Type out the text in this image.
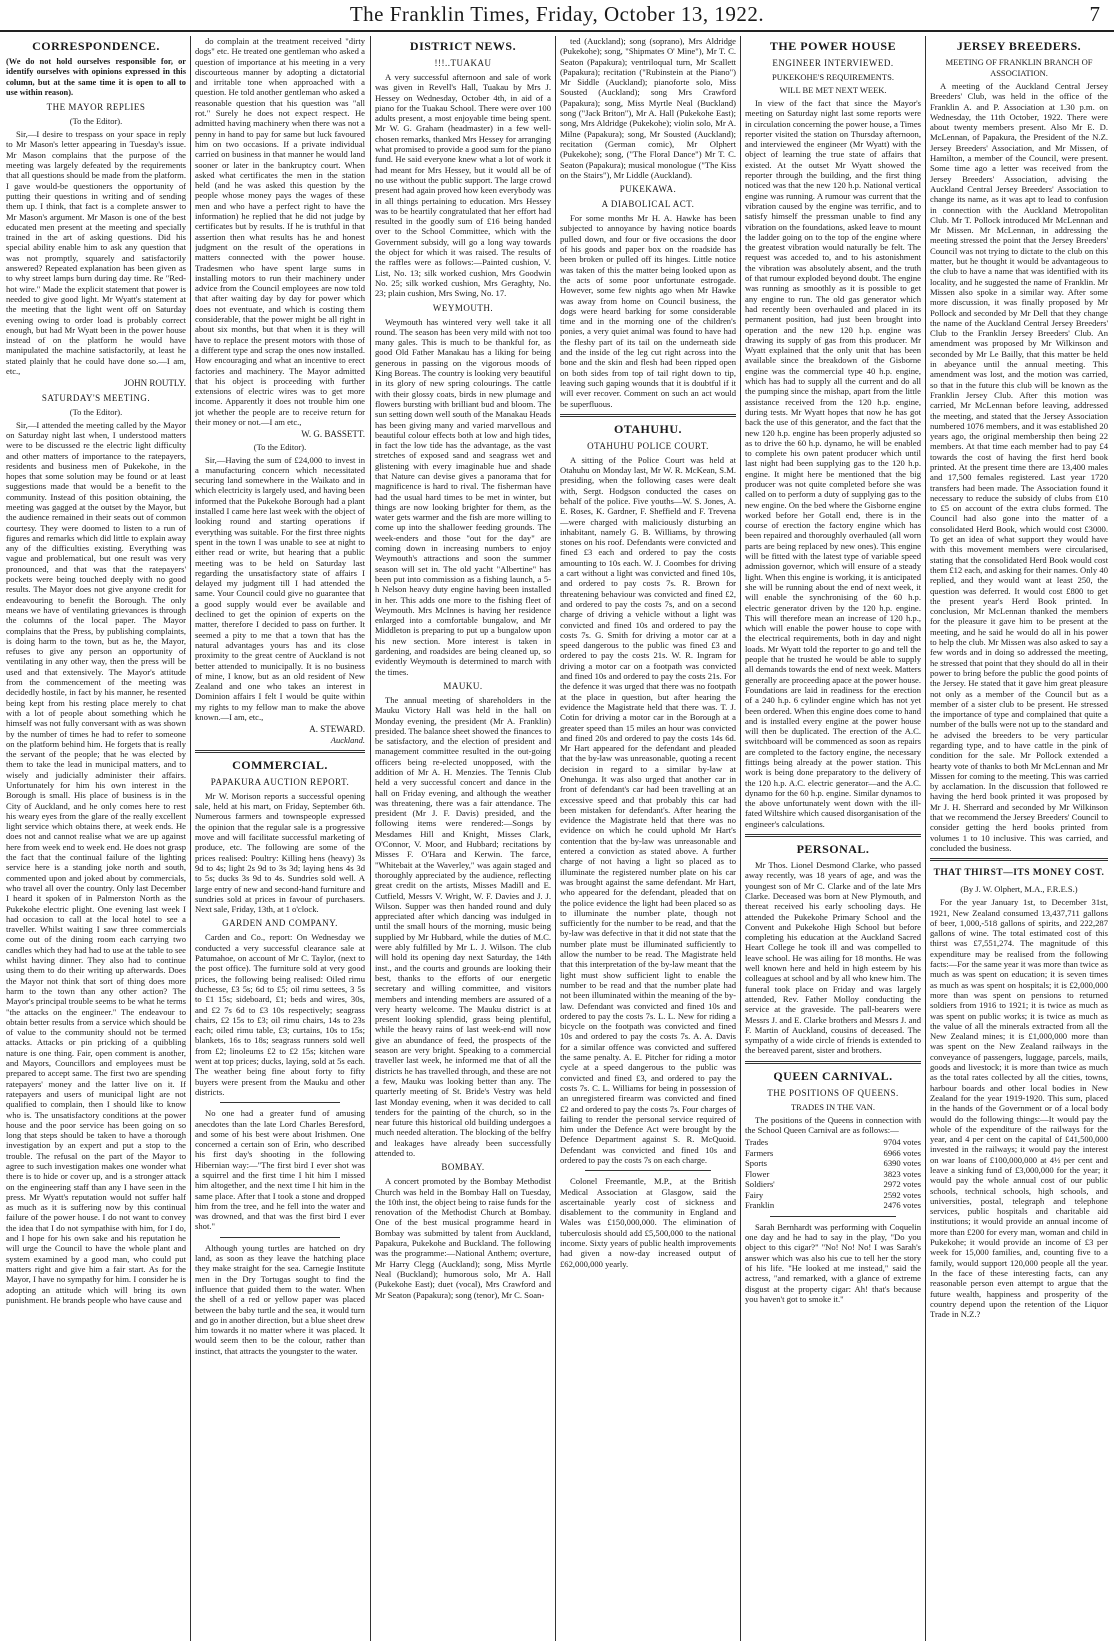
The Franklin Times, Friday, October 13, 1922.	7
CORRESPONDENCE.

(We do not hold ourselves responsible for, or identify ourselves with opinions expressed in this column, but at the same time it is open to all to use within reason).

THE MAYOR REPLIES
(To the Editor).

Sir,—I desire to trespass on your space in reply to Mr Mason's letter appearing in Tuesday's issue. Mr Mason complains that the purpose of the meeting was largely defeated by the requirements that all questions should be made from the platform. I gave would-be questioners the opportunity of putting their questions in writing and of sending them up. I think, that fact is a complete answer to Mr Mason's argument. Mr Mason is one of the best educated men present at the meeting and specially trained in the art of asking questions. Did his special ability enable him to ask any question that was not promptly, squarely and satisfactorily answered? Repeated explanation has been given as to why street lamps burn during day time. Re "Red-hot wire." Made the explicit statement that power is needed to give good light. Mr Wyatt's statement at the meeting that the light went off on Saturday evening owing to order load is probably correct enough, but had Mr Wyatt been in the power house instead of on the platform he would have manipulated the machine satisfactorily, at least he stated plainly that he could have done so.—I am, etc.,

JOHN ROUTLY.
SATURDAY'S MEETING.
(To the Editor).

Sir,—I attended the meeting called by the Mayor on Saturday night last when, I understood matters were to be discussed re the electric light difficulty and other matters of importance to the ratepayers, residents and business men of Pukekohe, in the hopes that some solution may be found or at least suggestions made that would be a benefit to the community. Instead of this position obtaining, the meeting was gagged at the outset by the Mayor, but the audience remained in their seats out of common courtesy. They were doomed to listen to a run of figures and remarks which did little to explain away any of the difficulties existing. Everything was vague and problematical, but one result was very pronounced, and that was that the ratepayers' pockets were being touched deeply with no good results. The Mayor does not give anyone credit for endeavouring to benefit the Borough. The only means we have of ventilating grievances is through the columns of the local paper. The Mayor complains that the Press, by publishing complaints, is doing harm to the town, but as he, the Mayor, refuses to give any person an opportunity of ventilating in any other way, then the press will be used and that extensively. The Mayor's attitude from the commencement of the meeting was decidedly hostile, in fact by his manner, he resented being kept from his resting place merely to chat with a lot of people about something which he himself was not fully conversant with as was shown by the number of times he had to refer to someone on the platform behind him. He forgets that is really the servant of the people; that he was elected by them to take the lead in municipal matters, and to wisely and judicially administer their affairs. Unfortunately for him his own interest in the Borough is small. His place of business is in the City of Auckland, and he only comes here to rest his weary eyes from the glare of the really excellent light service which obtains there, at week ends. He does not and cannot realise what we are up against here from week end to week end. He does not grasp the fact that the continual failure of the lighting service here is a standing joke north and south, commented upon and joked about by commercials, who travel all over the country. Only last December I heard it spoken of in Palmerston North as the Pukekohe electric plight. One evening last week I had occasion to call at the local hotel to see a traveller. Whilst waiting I saw three commercials come out of the dining room each carrying two candles which they had had to use at the table to see whilst having dinner. They also had to continue using them to do their writing up afterwards. Does the Mayor not think that sort of thing does more harm to the town than any other action? The Mayor's principal trouble seems to be what he terms "the attacks on the engineer." The endeavour to obtain better results from a service which should be of value to the community should not be termed attacks. Attacks or pin pricking of a quibbling nature is one thing. Fair, open comment is another, and Mayors, Councillors and employees must be prepared to accept same. The first two are spending ratepayers' money and the latter live on it. If ratepayers and users of municipal light are not qualified to complain, then I should like to know who is. The unsatisfactory conditions at the power house and the poor service has been going on so long that steps should be taken to have a thorough investigation by an expert and put a stop to the trouble. The refusal on the part of the Mayor to agree to such investigation makes one wonder what there is to hide or cover up, and is a stronger attack on the engineering staff than any I have seen in the press. Mr Wyatt's reputation would not suffer half as much as it is suffering now by this continual failure of the power house. I do not want to convey the idea that I do not sympathise with him, for I do, and I hope for his own sake and his reputation he will urge the Council to have the whole plant and system examined by a good man, who could put matters right and give him a fair start. As for the Mayor, I have no sympathy for him. I consider he is adopting an attitude which will bring its own punishment. He brands people who have cause and

do complain at the treatment received "dirty dogs" etc. He treated one gentleman who asked a question of importance at his meeting in a very discourteous manner by adopting a dictatorial and irritable tone when approached with a question. He told another gentleman who asked a reasonable question that his question was "all rot." Surely he does not expect respect. He admitted having machinery when there was not a penny in hand to pay for same but luck favoured him on two occasions. If a private individual carried on business in that manner he would land sooner or later in the bankruptcy court. When asked what certificates the men in the station held (and he was asked this question by the people whose money pays the wages of these men and who have a perfect right to have the information) he replied that he did not judge by certificates but by results. If he is truthful in that assertion then what results has he and honest judgment on the result of the operations in matters connected with the power house. Tradesmen who have spent large sums in installing motors to run their machinery under advice from the Council employees are now told that after waiting day by day for power which does not eventuate, and which is costing them considerable, that the power might be all right in about six months, but that when it is they will have to replace the present motors with those of a different type and scrap the ones now installed. How encouraging and what an incentive to erect factories and machinery. The Mayor admitted that his object is proceeding with further extensions of electric wires was to get more income. Apparently it does not trouble him one jot whether the people are to receive return for their money or not.—I am etc.,

W. G. BASSETT.
(To the Editor).

Sir,—Having the sum of £24,000 to invest in a manufacturing concern which necessitated securing land somewhere in the Waikato and in which electricity is largely used, and having been informed that the Pukekohe Borough had a plant installed I came here last week with the object of looking round and starting operations if everything was suitable. For the first three nights spent in the town I was unable to see at night to either read or write, but hearing that a public meeting was to be held on Saturday last regarding the unsatisfactory state of affairs I delayed my judgment till I had attended the same. Your Council could give no guarantee that a good supply would ever be available and declined to get the opinion of experts on the matter, therefore I decided to pass on further. It seemed a pity to me that a town that has the natural advantages yours has and its close proximity to the great centre of Auckland is not better attended to municipally. It is no business of mine, I know, but as an old resident of New Zealand and one who takes an interest in Dominion affairs I felt I would be quite within my rights to my fellow man to make the above known.—I am, etc.,

A. STEWARD.
Auckland.
COMMERCIAL.
PAPAKURA AUCTION REPORT.

Mr W. Morison reports a successful opening sale, held at his mart, on Friday, September 6th. Numerous farmers and townspeople expressed the opinion that the regular sale is a progressive move and will facilitate successful marketing of produce, etc. The following are some of the prices realised: Poultry: Killing hens (heavy) 3s 9d to 4s; light 2s 9d to 3s 3d; laying hens 4s 3d to 5s; ducks 3s 9d to 4s. Sundries sold well. A large entry of new and second-hand furniture and sundries sold at prices in favour of purchasers. Next sale, Friday, 13th, at 1 o'clock.

GARDEN AND COMPANY.

Carden and Co., report: On Wednesday we conducted a very successful clearance sale at Patumahoe, on account of Mr C. Taylor, (next to the post office). The furniture sold at very good prices, the following being realised: Oiled rimu duchesse, £3 5s; 6d to £5; oil rimu settees, 3 5s to £1 15s; sideboard, £1; beds and wires, 30s, and £2 7s 6d to £3 10s respectively; seagrass chairs, £2 15s to £3; oil rimu chairs, 14s to 23s each; oiled rimu table, £3; curtains, 10s to 15s; blankets, 16s to 18s; seagrass runners sold well from £2; linoleums £2 to £2 15s; kitchen ware went at top prices; ducks, laying, sold at 5s each. The weather being fine about forty to fifty buyers were present from the Mauku and other districts.

No one had a greater fund of amusing anecdotes than the late Lord Charles Beresford, and some of his best were about Irishmen. One concerned a certain son of Erin, who described his first day's shooting in the following Hibernian way:—"The first bird I ever shot was a squirrel and the first time I hit him I missed him altogether, and the next time I hit him in the same place. After that I took a stone and dropped him from the tree, and he fell into the water and was drowned, and that was the first bird I ever shot."

Although young turtles are hatched on dry land, as soon as they leave the hatching place they make straight for the sea. Carnegie Institute men in the Dry Tortugas sought to find the influence that guided them to the water. When the shell of a red or yellow paper was placed between the baby turtle and the sea, it would turn and go in another direction, but a blue sheet drew him towards it no matter where it was placed. It would seem then to be the colour, rather than instinct, that attracts the youngster to the water.

DISTRICT NEWS.
!!!..TUAKAU

A very successful afternoon and sale of work was given in Revell's Hall, Tuakau by Mrs J. Hessey on Wednesday, October 4th, in aid of a piano for the Tuakau School. There were over 100 adults present, a most enjoyable time being spent. Mr W. G. Graham (headmaster) in a few well-chosen remarks, thanked Mrs Hessey for arranging what promised to provide a good sum for the piano fund. He said everyone knew what a lot of work it had meant for Mrs Hessey, but it would all be of no use without the public support. The large crowd present had again proved how keen everybody was in all things pertaining to education. Mrs Hessey was to be heartily congratulated that her effort had resulted in the goodly sum of £16 being handed over to the School Committee, which with the Government subsidy, will go a long way towards the object for which it was raised. The results of the raffles were as follows:—Painted cushion, V. List, No. 13; silk worked cushion, Mrs Goodwin No. 25; silk worked cushion, Mrs Geraghty, No. 23; plain cushion, Mrs Swing, No. 17.

WEYMOUTH.

Weymouth has wintered very well take it all round. The season has been very mild with not too many gales. This is much to be thankful for, as good Old Father Manakau has a liking for being generous in passing on the vigorous moods of King Boreas. The country is looking very beautiful in its glory of new spring colourings. The cattle with their glossy coats, birds in new plumage and flowers bursting with brilliant bud and bloom. The sun setting down well south of the Manakau Heads has been giving many and varied marvellous and beautiful colour effects both at low and high tides, in fact the low tide has the advantage, as the vast stretches of exposed sand and seagrass wet and glistening with every imaginable hue and shade that Nature can devise gives a panorama that for magnificence is hard to rival. The fisherman have had the usual hard times to be met in winter, but things are now looking brighter for them, as the water gets warmer and the fish are more willing to come up into the shallower feeding grounds. The week-enders and those "out for the day" are coming down in increasing numbers to enjoy Weymouth's attractions and soon the summer season will set in. The old yacht "Albertine" has been put into commission as a fishing launch, a 5-h Nelson heavy duty engine having been installed in her. This adds one more to the fishing fleet of Weymouth. Mrs McInnes is having her residence enlarged into a comfortable bungalow, and Mr Middleton is preparing to put up a bungalow upon his new section. More interest is taken in gardening, and roadsides are being cleaned up, so evidently Weymouth is determined to march with the times.

MAUKU.

The annual meeting of shareholders in the Mauku Victory Hall was held in the hall on Monday evening, the president (Mr A. Franklin) presided. The balance sheet showed the finances to be satisfactory, and the election of president and management committee resulted in the out-going officers being re-elected unopposed, with the addition of Mr A. H. Menzies. The Tennis Club held a very successful concert and dance in the hall on Friday evening, and although the weather was threatening, there was a fair attendance. The president (Mr J. F. Davis) presided, and the following items were rendered:—Songs by Mesdames Hill and Knight, Misses Clark, O'Connor, V. Moor, and Hubbard; recitations by Misses F. O'Hara and Kerwin. The farce, "Whitebait at the Waverley," was again staged and thoroughly appreciated by the audience, reflecting great credit on the artists, Misses Madill and E. Cutfield, Messrs V. Wright, W. F. Davies and J. J. Wilson. Supper was then handed round and duly appreciated after which dancing was indulged in until the small hours of the morning, music being supplied by Mr Hubbard, while the duties of M.C. were ably fulfilled by Mr L. J. Wilson. The club will hold its opening day next Saturday, the 14th inst., and the courts and grounds are looking their best, thanks to the efforts of our energetic secretary and willing committee, and visitors members and intending members are assured of a very hearty welcome. The Mauku district is at present looking splendid, grass being plentiful, while the heavy rains of last week-end will now give an abundance of feed, the prospects of the season are very bright. Speaking to a commercial traveller last week, he informed me that of all the districts he has travelled through, and these are not a few, Mauku was looking better than any. The quarterly meeting of St. Bride's Vestry was held last Monday evening, when it was decided to call tenders for the painting of the church, so in the near future this historical old building undergoes a much needed alteration. The blocking of the belfry and leakages have already been successfully attended to.

BOMBAY.

A concert promoted by the Bombay Methodist Church was held in the Bombay Hall on Tuesday, the 10th inst, the object being to raise funds for the renovation of the Methodist Church at Bombay. One of the best musical programme heard in Bombay was submitted by talent from Auckland, Papakura, Pukekohe and Buckland. The following was the programme:—National Anthem; overture, Mr Harry Clegg (Auckland); song, Miss Myrtle Neal (Buckland); humorous solo, Mr A. Hall (Pukekohe East); duet (vocal), Mrs Crawford and Mr Seaton (Papakura); song (tenor), Mr C. Soan-

ted (Auckland); song (soprano), Mrs Aldridge (Pukekohe); song, "Shipmates O' Mine"), Mr T. C. Seaton (Papakura); ventriloqual turn, Mr Scallett (Papakura); recitation ("Rubinstein at the Piano") Mr Siddle (Auckland); pianoforte solo, Miss Sousted (Auckland); song Mrs Crawford (Papakura); song, Miss Myrtle Neal (Buckland) song ("Jack Briton"), Mr A. Hall (Pukekohe East); song, Mrs Aldridge (Pukekohe); violin solo, Mr A. Milne (Papakura); song, Mr Sousted (Auckland); recitation (German comic), Mr Olphert (Pukekohe); song, ("The Floral Dance") Mr T. C. Seaton (Papakura); musical monologue ("The Kiss on the Stairs"), Mr Liddle (Auckland).

PUKEKAWA.
A DIABOLICAL ACT.

For some months Mr H. A. Hawke has been subjected to annoyance by having notice boards pulled down, and four or five occasions the door of his goods and paper box on the roadside has been broken or pulled off its hinges. Little notice was taken of this the matter being looked upon as the acts of some poor unfortunate estrogade. However, some few nights ago when Mr Hawke was away from home on Council business, the dogs were heard barking for some considerable time and in the morning one of the children's ponies, a very quiet animal was found to have had the fleshy part of its tail on the underneath side and the inside of the leg cut right across into the bone and the skin and flesh had been ripped open on both sides from top of tail right down to tip, leaving such gaping wounds that it is doubtful if it will ever recover. Comment on such an act would be superfluous.

OTAHUHU.
OTAHUHU POLICE COURT.

A sitting of the Police Court was held at Otahuhu on Monday last, Mr W. R. McKean, S.M. presiding, when the following cases were dealt with, Sergt. Hodgson conducted the cases on behalf of the police. Five youths—W. S. Jones, A. E. Roses, K. Gardner, F. Sheffield and F. Trevena—were charged with maliciously disturbing an inhabitant, namely G. B. Williams, by throwing stones on his roof. Defendants were convicted and fined £3 each and ordered to pay the costs amounting to 10s each. W. J. Coombes for driving a cart without a light was convicted and fined 10s, and ordered to pay costs 7s. R. Brown for threatening behaviour was convicted and fined £2, and ordered to pay the costs 7s, and on a second charge of driving a vehicle without a light was convicted and fined 10s and ordered to pay the costs 7s. G. Smith for driving a motor car at a speed dangerous to the public was fined £3 and ordered to pay the costs 21s. W. R. Ingram for driving a motor car on a footpath was convicted and fined 10s and ordered to pay the costs 21s. For the defence it was urged that there was no footpath at the place in question, but after hearing the evidence the Magistrate held that there was. T. J. Cotin for driving a motor car in the Borough at a greater speed than 15 miles an hour was convicted and fined 20s and ordered to pay the costs 14s 6d. Mr Hart appeared for the defendant and pleaded that the by-law was unreasonable, quoting a recent decision in regard to a similar by-law at Onehunga. It was also urged that another car in front of defendant's car had been travelling at an excessive speed and that probably this car had been mistaken for defendant's. After hearing the evidence the Magistrate held that there was no evidence on which he could uphold Mr Hart's contention that the by-law was unreasonable and entered a conviction as stated above. A further charge of not having a light so placed as to illuminate the registered number plate on his car was brought against the same defendant. Mr Hart, who appeared for the defendant, pleaded that on the police evidence the light had been placed so as to illuminate the number plate, though not sufficiently for the number to be read, and that the by-law was defective in that it did not state that the number plate must be illuminated sufficiently to allow the number to be read. The Magistrate held that this interpretation of the by-law meant that the light must show sufficient light to enable the number to be read and that the number plate had not been illuminated within the meaning of the by-law. Defendant was convicted and fined 10s and ordered to pay the costs 7s. L. L. New for riding a bicycle on the footpath was convicted and fined 10s and ordered to pay the costs 7s. A. A. Davis for a similar offence was convicted and suffered the same penalty. A. E. Pitcher for riding a motor cycle at a speed dangerous to the public was convicted and fined £3, and ordered to pay the costs 7s. C. L. Williams for being in possession of an unregistered firearm was convicted and fined £2 and ordered to pay the costs 7s. Four charges of failing to render the personal service required of him under the Defence Act were brought by the Defence Department against S. R. McQuoid. Defendant was convicted and fined 10s and ordered to pay the costs 7s on each charge.

Colonel Freemantle, M.P., at the British Medical Association at Glasgow, said the ascertainable yearly cost of sickness and disablement to the community in England and Wales was £150,000,000. The elimination of tuberculosis should add £5,500,000 to the national income. Sixty years of public health improvements had given a now-day increased output of £62,000,000 yearly.

THE POWER HOUSE
ENGINEER INTERVIEWED.
PUKEKOHE'S REQUIREMENTS.
WILL BE MET NEXT WEEK.

In view of the fact that since the Mayor's meeting on Saturday night last some reports were in circulation concerning the power house, a Times reporter visited the station on Thursday afternoon, and interviewed the engineer (Mr Wyatt) with the object of learning the true state of affairs that existed. At the outset Mr Wyatt showed the reporter through the building, and the first thing noticed was that the new 120 h.p. National vertical engine was running. A rumour was current that the vibration caused by the engine was terrific, and to satisfy himself the pressman unable to find any vibration on the foundations, asked leave to mount the ladder going on to the top of the engine where the greatest vibration would naturally be felt. The request was acceded to, and to his astonishment the vibration was absolutely absent, and the truth of that rumour exploded beyond doubt. The engine was running as smoothly as it is possible to get any engine to run. The old gas generator which had recently been overhauled and placed in its permanent position, had just been brought into operation and the new 120 h.p. engine was drawing its supply of gas from this producer. Mr Wyatt explained that the only unit that has been available since the breakdown of the Gisborne engine was the commercial type 40 h.p. engine, which has had to supply all the current and do all the pumping since the mishap, apart from the little assistance received from the 120 h.p. engine, during tests. Mr Wyatt hopes that now he has got back the use of this generator, and the fact that the new 120 h.p. engine has been properly adjusted so as to drive the 60 h.p. dynamo, he will be enabled to complete his own patent producer which until last night had been supplying gas to the 120 h.p. engine. It might here be mentioned that the big producer was not quite completed before she was called on to perform a duty of supplying gas to the new engine. On the bed where the Gisborne engine worked before her Gotall end, there is in the course of erection the factory engine which has been repaired and thoroughly overhauled (all worn parts are being replaced by new ones). This engine will be fitted with the latest type of variable speed admission governor, which will ensure of a steady light. When this engine is working, it is anticipated she will be running about the end of next week, it will enable the synchronising of the 60 h.p. electric generator driven by the 120 h.p. engine. This will therefore mean an increase of 120 h.p., which will enable the power house to cope with the electrical requirements, both in day and night loads. Mr Wyatt told the reporter to go and tell the people that he trusted he would be able to supply all demands towards the end of next week. Matters generally are proceeding apace at the power house. Foundations are laid in readiness for the erection of a 240 h.p. 6 cylinder engine which has not yet been ordered. When this engine does come to hand and is installed every engine at the power house will then be duplicated. The erection of the A.C. switchboard will be commenced as soon as repairs are completed to the factory engine, the necessary fittings being already at the power station. This work is being done preparatory to the delivery of the 120 h.p. A.C. electric generator—and the A.C. dynamo for the 60 h.p. engine. Similar dynamos to the above unfortunately went down with the ill-fated Wiltshire which caused disorganisation of the engineer's calculations.

PERSONAL.

Mr Thos. Lionel Desmond Clarke, who passed away recently, was 18 years of age, and was the youngest son of Mr C. Clarke and of the late Mrs Clarke. Deceased was born at New Plymouth, and thereat received his early schooling days. He attended the Pukekohe Primary School and the Convent and Pukekohe High School but before completing his education at the Auckland Sacred Heart College he took ill and was compelled to leave school. He was ailing for 18 months. He was well known here and held in high esteem by his colleagues at school and by all who knew him. The funeral took place on Friday and was largely attended, Rev. Father Molloy conducting the service at the graveside. The pall-bearers were Messrs J. and E. Clarke brothers and Messrs J. and F. Martin of Auckland, cousins of deceased. The sympathy of a wide circle of friends is extended to the bereaved parent, sister and brothers.

QUEEN CARNIVAL.
THE POSITIONS OF QUEENS.
TRADES IN THE VAN.

The positions of the Queens in connection with the School Queen Carnival are as follows:—

Trades	9704 votes
Farmers	6966 votes
Sports	6390 votes
Flower	3823 votes
Soldiers'	2972 votes
Fairy	2592 votes
Franklin	2476 votes

Sarah Bernhardt was performing with Coquelin one day and he had to say in the play, "Do you object to this cigar?" "No! No! No! I was Sarah's answer which was also his cue to tell her the story of his life. "He looked at me instead," said the actress, "and remarked, with a glance of extreme disgust at the property cigar: Ah! that's because you haven't got to smoke it."

JERSEY BREEDERS.
MEETING OF FRANKLIN BRANCH OF ASSOCIATION.

A meeting of the Auckland Central Jersey Breeders' Club, was held in the office of the Franklin A. and P. Association at 1.30 p.m. on Wednesday, the 11th October, 1922. There were about twenty members present. Also Mr E. D. McLennan, of Papakura, the President of the N.Z. Jersey Breeders' Association, and Mr Missen, of Hamilton, a member of the Council, were present. Some time ago a letter was received from the Jersey Breeders' Association, advising the Auckland Central Jersey Breeders' Association to change its name, as it was apt to lead to confusion in connection with the Auckland Metropolitan Club. Mr T. Pollock introduced Mr McLennan and Mr Missen. Mr McLennan, in addressing the meeting stressed the point that the Jersey Breeders' Council was not trying to dictate to the club on this matter, but he thought it would be advantageous to the club to have a name that was identified with its locality, and he suggested the name of Franklin. Mr Missen also spoke in a similar way. After some more discussion, it was finally proposed by Mr Pollock and seconded by Mr Dell that they change the name of the Auckland Central Jersey Breeders' Club to the Franklin Jersey Breeders' Club. An amendment was proposed by Mr Wilkinson and seconded by Mr Le Bailly, that this matter be held in abeyance until the annual meeting. This amendment was lost, and the motion was carried, so that in the future this club will be known as the Franklin Jersey Club. After this motion was carried, Mr McLennan before leaving, addressed the meeting, and stated that the Jersey Association numbered 1076 members, and it was established 20 years ago, the original membership then being 22 members. At that time each member had to pay £4 towards the cost of having the first herd book printed. At the present time there are 13,400 males and 17,500 females registered. Last year 1720 transfers had been made. The Association found it necessary to reduce the subsidy of clubs from £10 to £5 on account of the extra clubs formed. The Council had also gone into the matter of a consolidated Herd Book, which would cost £3000. To get an idea of what support they would have with this movement members were circularised, stating that the consolidated Herd Book would cost them £12 each, and asking for their names. Only 40 replied, and they would want at least 250, the question was deferred. It would cost £800 to get the present year's Herd Book printed. In conclusion, Mr McLennan thanked the members for the pleasure it gave him to be present at the meeting, and he said he would do all in his power to help the club. Mr Missen was also asked to say a few words and in doing so addressed the meeting, he stressed that point that they should do all in their power to bring before the public the good points of the Jersey. He stated that it gave him great pleasure not only as a member of the Council but as a member of a sister club to be present. He stressed the importance of type and complained that quite a number of the bulls were not up to the standard and he advised the breeders to be very particular regarding type, and to have cattle in the pink of condition for the sale. Mr Pollock extended a hearty vote of thanks to both Mr McLennan and Mr Missen for coming to the meeting. This was carried by acclamation. In the discussion that followed re having the herd book printed it was proposed by Mr J. H. Sherrard and seconded by Mr Wilkinson that we recommend the Jersey Breeders' Council to consider getting the herd books printed from volumes 1 to 10 inclusive. This was carried, and concluded the business.

THAT THIRST—ITS MONEY COST.
(By J. W. Olphert, M.A., F.R.E.S.)

For the year January 1st, to December 31st, 1921, New Zealand consumed 13,437,711 gallons of beer, 1,000,-518 gallons of spirits, and 222,287 gallons of wine. The total estimated cost of this thirst was £7,551,274. The magnitude of this expenditure may be realised from the following facts:—For the same year it was more than twice as much as was spent on education; it is seven times as much as was spent on hospitals; it is £2,000,000 more than was spent on pensions to returned soldiers from 1916 to 1921; it is twice as much as was spent on public works; it is twice as much as the value of all the minerals extracted from all the New Zealand mines; it is £1,000,000 more than was spent on the New Zealand railways in the conveyance of passengers, luggage, parcels, mails, goods and livestock; it is more than twice as much as the total rates collected by all the cities, towns, harbour boards and other local bodies in New Zealand for the year 1919-1920. This sum, placed in the hands of the Government or of a local body would do the following things:—It would pay the whole of the expenditure of the railways for the year, and 4 per cent on the capital of £41,500,000 invested in the railways; it would pay the interest on war loans of £100,000,000 at 4½ per cent and leave a sinking fund of £3,000,000 for the year; it would pay the whole annual cost of our public schools, technical schools, high schools, and universities, postal, telegraph and telephone services, public hospitals and charitable aid institutions; it would provide an annual income of more than £200 for every man, woman and child in Pukekohe; it would provide an income of £3 per week for 15,000 families, and, counting five to a family, would support 120,000 people all the year. In the face of these interesting facts, can any reasonable person even attempt to argue that the future wealth, happiness and prosperity of the country depend upon the retention of the Liquor Trade in N.Z.?
